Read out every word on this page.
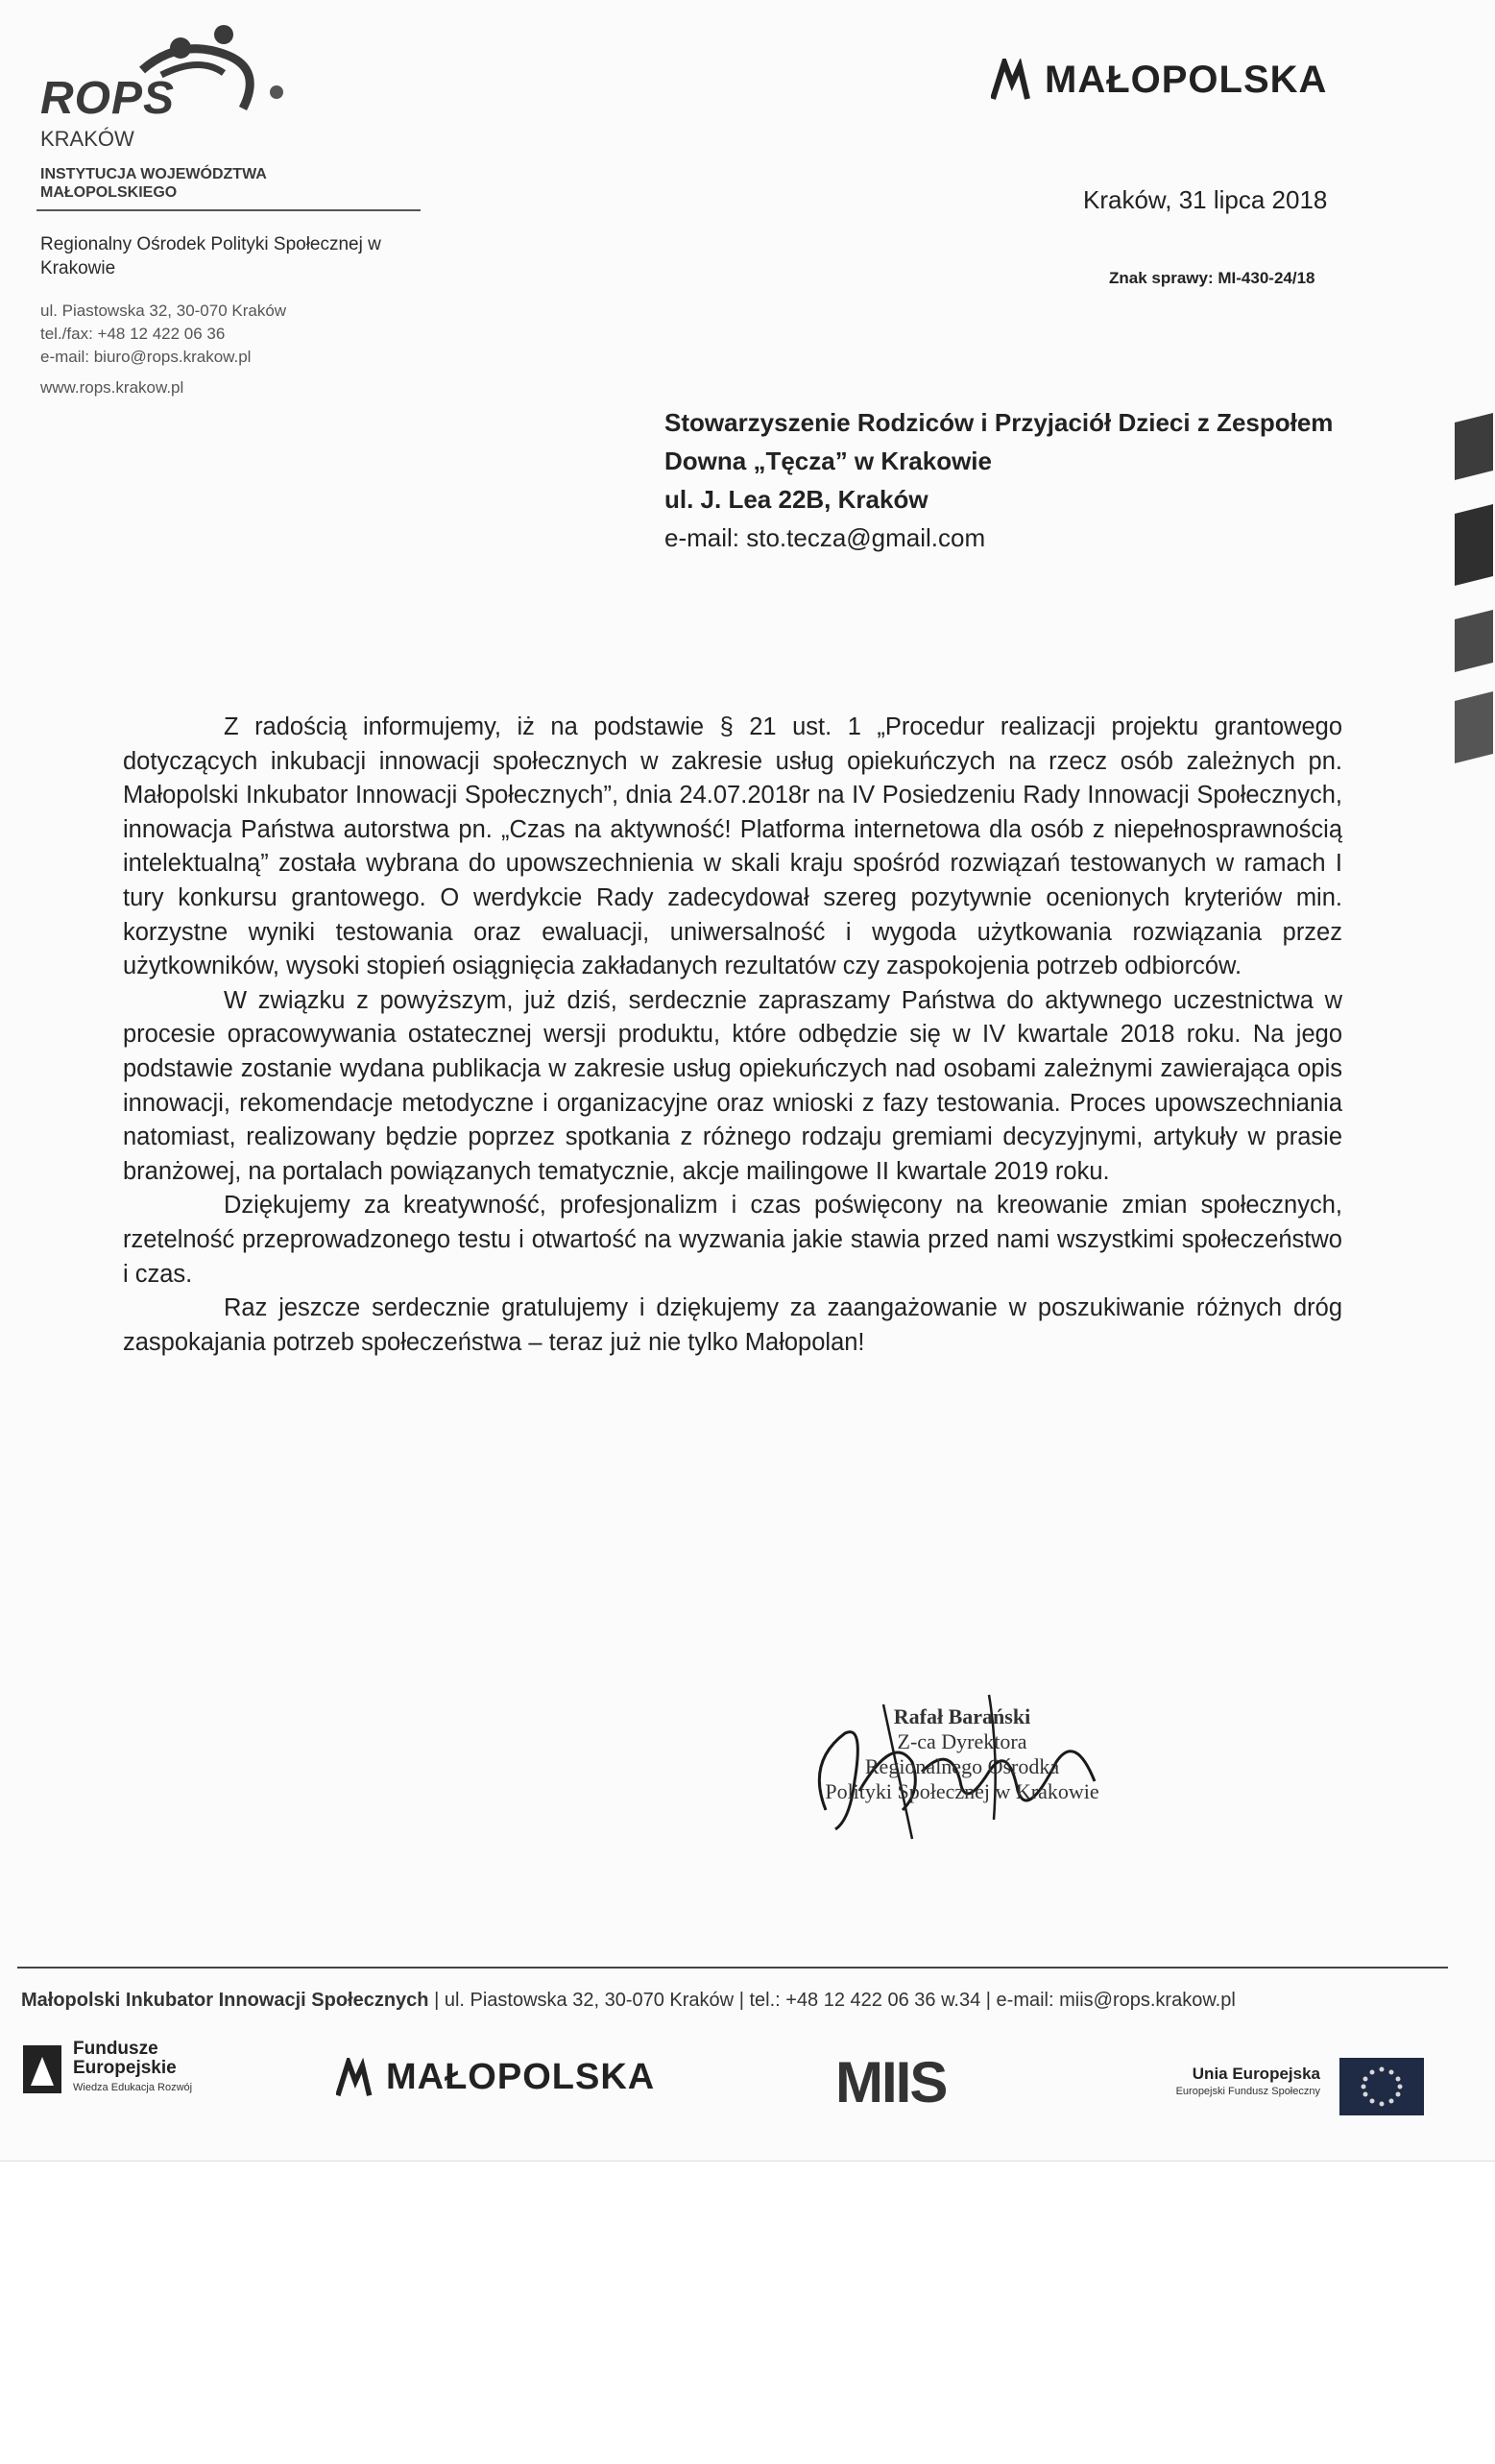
ROPS
KRAKÓW
INSTYTUCJA WOJEWÓDZTWA MAŁOPOLSKIEGO
Regionalny Ośrodek Polityki Społecznej w Krakowie
ul. Piastowska 32, 30-070 Kraków
tel./fax: +48 12 422 06 36
e-mail: biuro@rops.krakow.pl
www.rops.krakow.pl
MAŁOPOLSKA
Kraków, 31 lipca 2018
Znak sprawy: MI-430-24/18
Stowarzyszenie Rodziców i Przyjaciół Dzieci z Zespołem
Downa „Tęcza” w Krakowie
ul. J. Lea 22B, Kraków
e-mail: sto.tecza@gmail.com

Z radością informujemy, iż na podstawie § 21 ust. 1 „Procedur realizacji projektu grantowego dotyczących inkubacji innowacji społecznych w zakresie usług opiekuńczych na rzecz osób zależnych pn. Małopolski Inkubator Innowacji Społecznych”, dnia 24.07.2018r na IV Posiedzeniu Rady Innowacji Społecznych, innowacja Państwa autorstwa pn. „Czas na aktywność! Platforma internetowa dla osób z niepełnosprawnością intelektualną” została wybrana do upowszechnienia w skali kraju spośród rozwiązań testowanych w ramach I tury konkursu grantowego. O werdykcie Rady zadecydował szereg pozytywnie ocenionych kryteriów min. korzystne wyniki testowania oraz ewaluacji, uniwersalność i wygoda użytkowania rozwiązania przez użytkowników, wysoki stopień osiągnięcia zakładanych rezultatów czy zaspokojenia potrzeb odbiorców.

W związku z powyższym, już dziś, serdecznie zapraszamy Państwa do aktywnego uczestnictwa w procesie opracowywania ostatecznej wersji produktu, które odbędzie się w IV kwartale 2018 roku. Na jego podstawie zostanie wydana publikacja w zakresie usług opiekuńczych nad osobami zależnymi zawierająca opis innowacji, rekomendacje metodyczne i organizacyjne oraz wnioski z fazy testowania. Proces upowszechniania natomiast, realizowany będzie poprzez spotkania z różnego rodzaju gremiami decyzyjnymi, artykuły w prasie branżowej, na portalach powiązanych tematycznie, akcje mailingowe II kwartale 2019 roku.

Dziękujemy za kreatywność, profesjonalizm i czas poświęcony na kreowanie zmian społecznych, rzetelność przeprowadzonego testu i otwartość na wyzwania jakie stawia przed nami wszystkimi społeczeństwo i czas.

Raz jeszcze serdecznie gratulujemy i dziękujemy za zaangażowanie w poszukiwanie różnych dróg zaspokajania potrzeb społeczeństwa – teraz już nie tylko Małopolan!

Rafał Barański
Z-ca Dyrektora
Regionalnego Ośrodka
Polityki Społecznej w Krakowie
Małopolski Inkubator Innowacji Społecznych | ul. Piastowska 32, 30-070 Kraków | tel.: +48 12 422 06 36 w.34 | e-mail: miis@rops.krakow.pl
Fundusze
Europejskie
Wiedza Edukacja Rozwój	MAŁOPOLSKA	MIIS	Unia Europejska
Europejski Fundusz Społeczny
